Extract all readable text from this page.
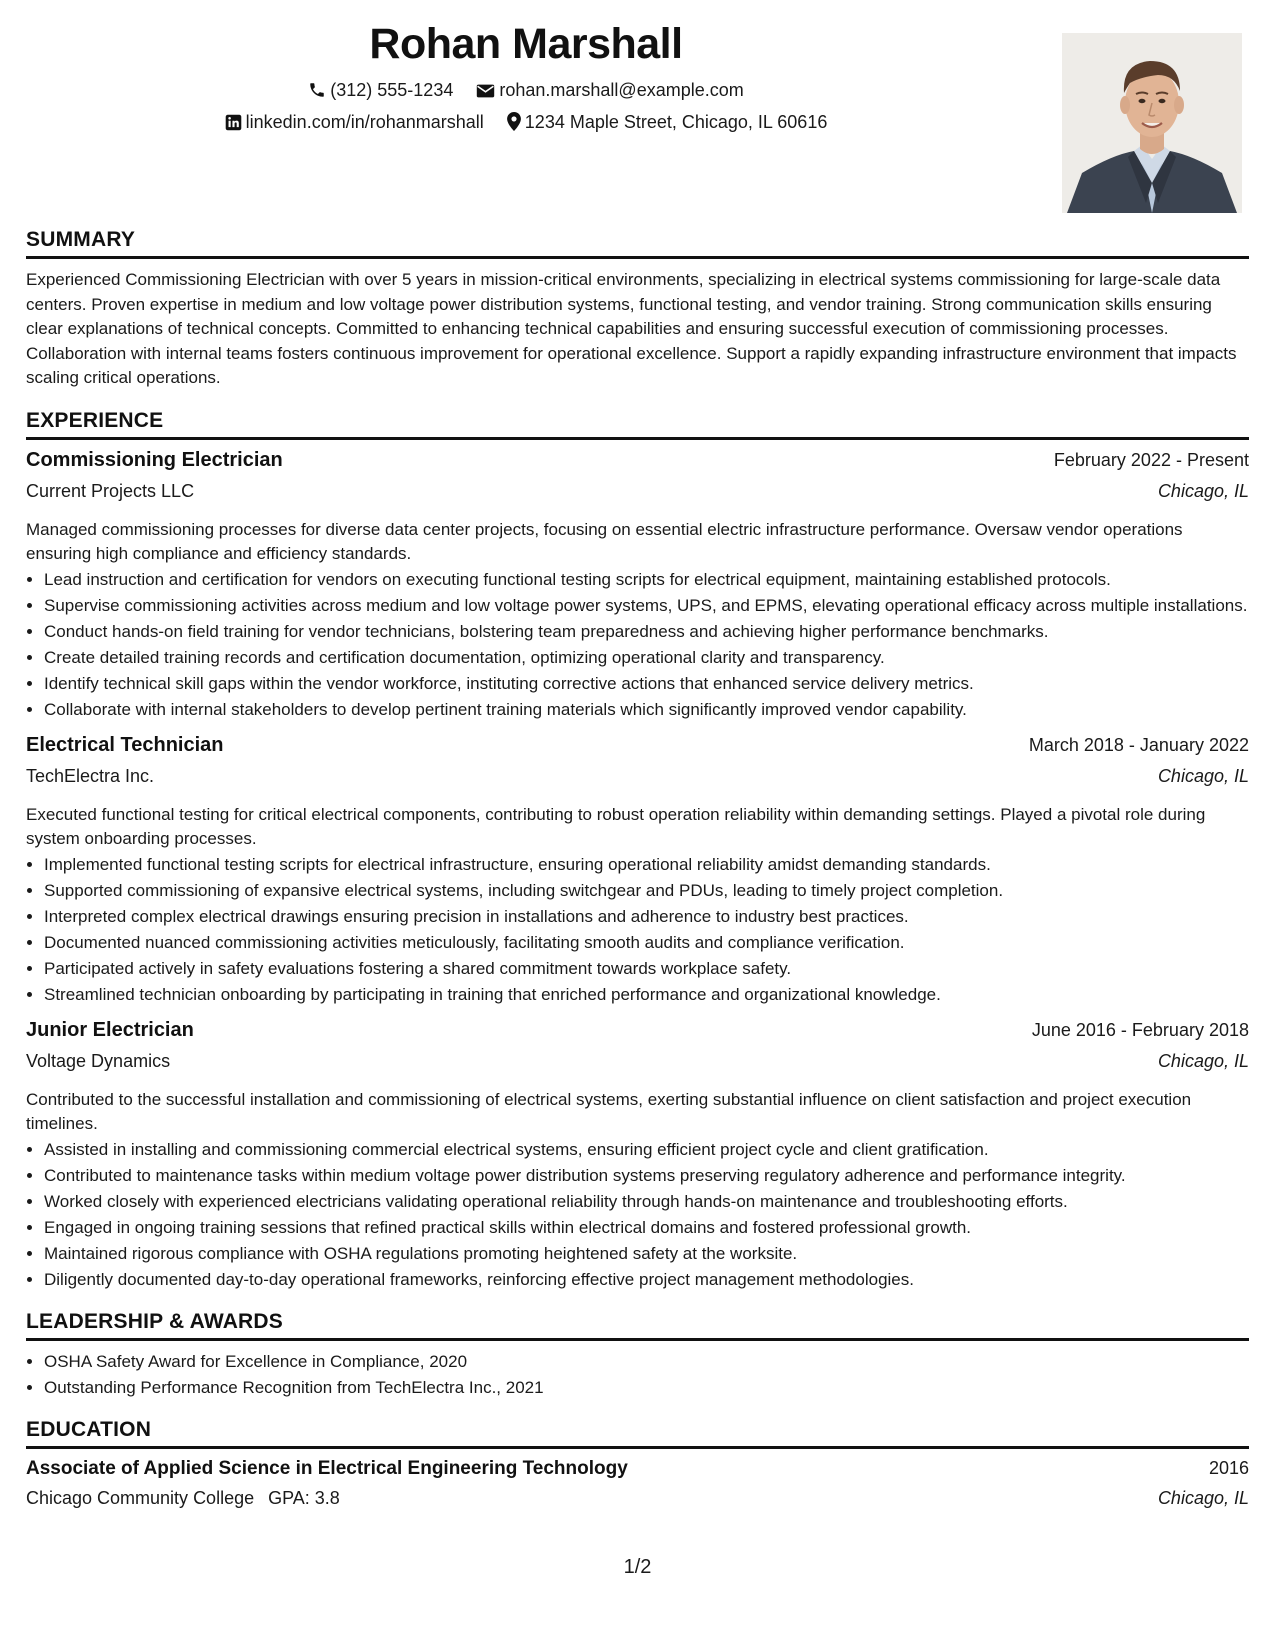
Rohan Marshall
(312) 555-1234	rohan.marshall@example.com
linkedin.com/in/rohanmarshall 1234 Maple Street, Chicago, IL 60616
SUMMARY

Experienced Commissioning Electrician with over 5 years in mission-critical environments, specializing in electrical systems commissioning for large-scale data centers. Proven expertise in medium and low voltage power distribution systems, functional testing, and vendor training. Strong communication skills ensuring clear explanations of technical concepts. Committed to enhancing technical capabilities and ensuring successful execution of commissioning processes. Collaboration with internal teams fosters continuous improvement for operational excellence. Support a rapidly expanding infrastructure environment that impacts scaling critical operations.

EXPERIENCE
Commissioning Electrician	February 2022 - Present
Current Projects LLC	Chicago, IL

Managed commissioning processes for diverse data center projects, focusing on essential electric infrastructure performance. Oversaw vendor operations ensuring high compliance and efficiency standards.

• Lead instruction and certification for vendors on executing functional testing scripts for electrical equipment, maintaining established protocols.
• Supervise commissioning activities across medium and low voltage power systems, UPS, and EPMS, elevating operational efficacy across multiple installations.
• Conduct hands-on field training for vendor technicians, bolstering team preparedness and achieving higher performance benchmarks.
• Create detailed training records and certification documentation, optimizing operational clarity and transparency.
• Identify technical skill gaps within the vendor workforce, instituting corrective actions that enhanced service delivery metrics.
• Collaborate with internal stakeholders to develop pertinent training materials which significantly improved vendor capability.
Electrical Technician	March 2018 - January 2022
TechElectra Inc.	Chicago, IL

Executed functional testing for critical electrical components, contributing to robust operation reliability within demanding settings. Played a pivotal role during system onboarding processes.

• Implemented functional testing scripts for electrical infrastructure, ensuring operational reliability amidst demanding standards.
• Supported commissioning of expansive electrical systems, including switchgear and PDUs, leading to timely project completion.
• Interpreted complex electrical drawings ensuring precision in installations and adherence to industry best practices.
• Documented nuanced commissioning activities meticulously, facilitating smooth audits and compliance verification.
• Participated actively in safety evaluations fostering a shared commitment towards workplace safety.
• Streamlined technician onboarding by participating in training that enriched performance and organizational knowledge.
Junior Electrician	June 2016 - February 2018
Voltage Dynamics	Chicago, IL

Contributed to the successful installation and commissioning of electrical systems, exerting substantial influence on client satisfaction and project execution timelines.

• Assisted in installing and commissioning commercial electrical systems, ensuring efficient project cycle and client gratification.
• Contributed to maintenance tasks within medium voltage power distribution systems preserving regulatory adherence and performance integrity.
• Worked closely with experienced electricians validating operational reliability through hands-on maintenance and troubleshooting efforts.
• Engaged in ongoing training sessions that refined practical skills within electrical domains and fostered professional growth.
• Maintained rigorous compliance with OSHA regulations promoting heightened safety at the worksite.
• Diligently documented day-to-day operational frameworks, reinforcing effective project management methodologies.
LEADERSHIP & AWARDS
• OSHA Safety Award for Excellence in Compliance, 2020
• Outstanding Performance Recognition from TechElectra Inc., 2021
EDUCATION
Associate of Applied Science in Electrical Engineering Technology	2016
Chicago Community College GPA: 3.8	Chicago, IL
1/2
